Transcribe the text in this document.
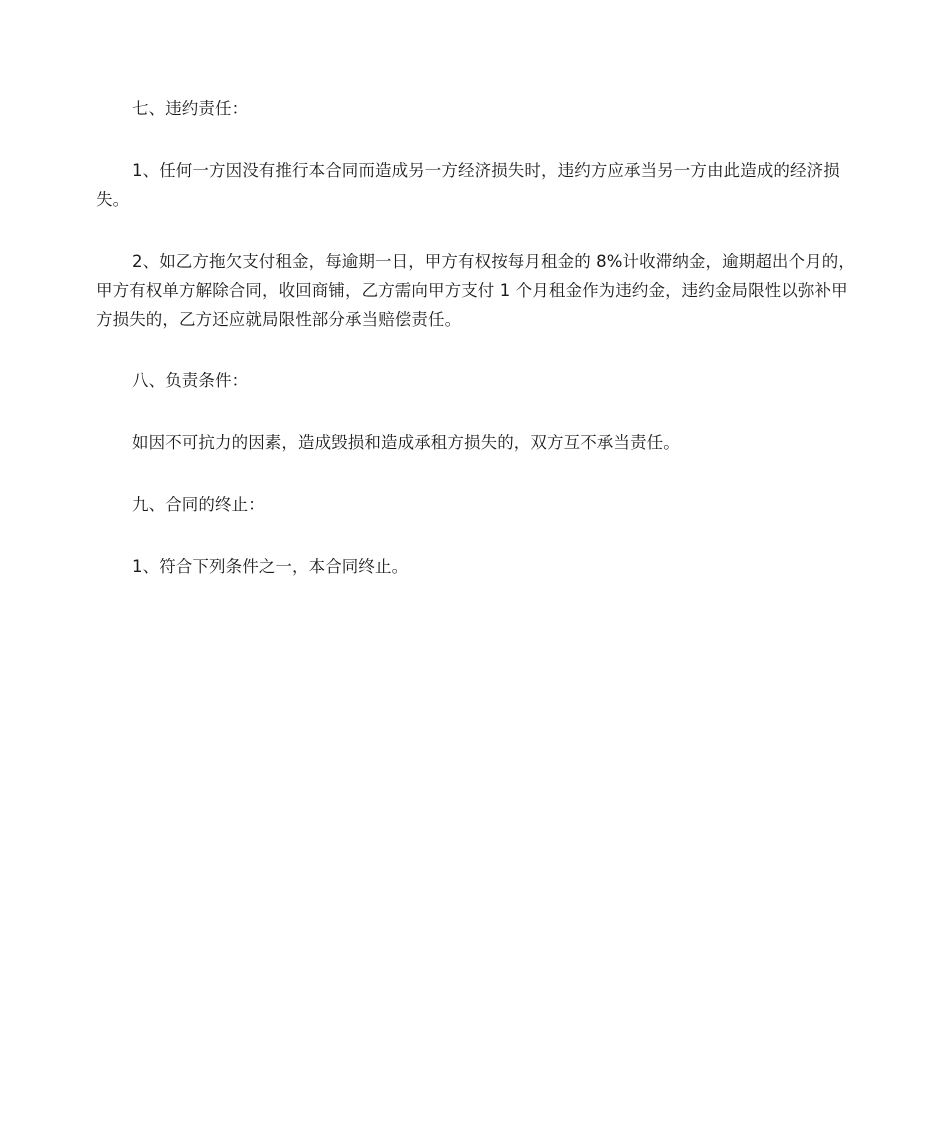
七、违约责任：

1、任何一方因没有推行本合同而造成另一方经济损失时，违约方应承当另一方由此造成的经济损失。

2、如乙方拖欠支付租金，每逾期一日，甲方有权按每月租金的 8%计收滞纳金，逾期超出个月的，甲方有权单方解除合同，收回商铺，乙方需向甲方支付 1 个月租金作为违约金，违约金局限性以弥补甲方损失的，乙方还应就局限性部分承当赔偿责任。

八、负责条件：

如因不可抗力的因素，造成毁损和造成承租方损失的，双方互不承当责任。

九、合同的终止：

1、符合下列条件之一，本合同终止。
